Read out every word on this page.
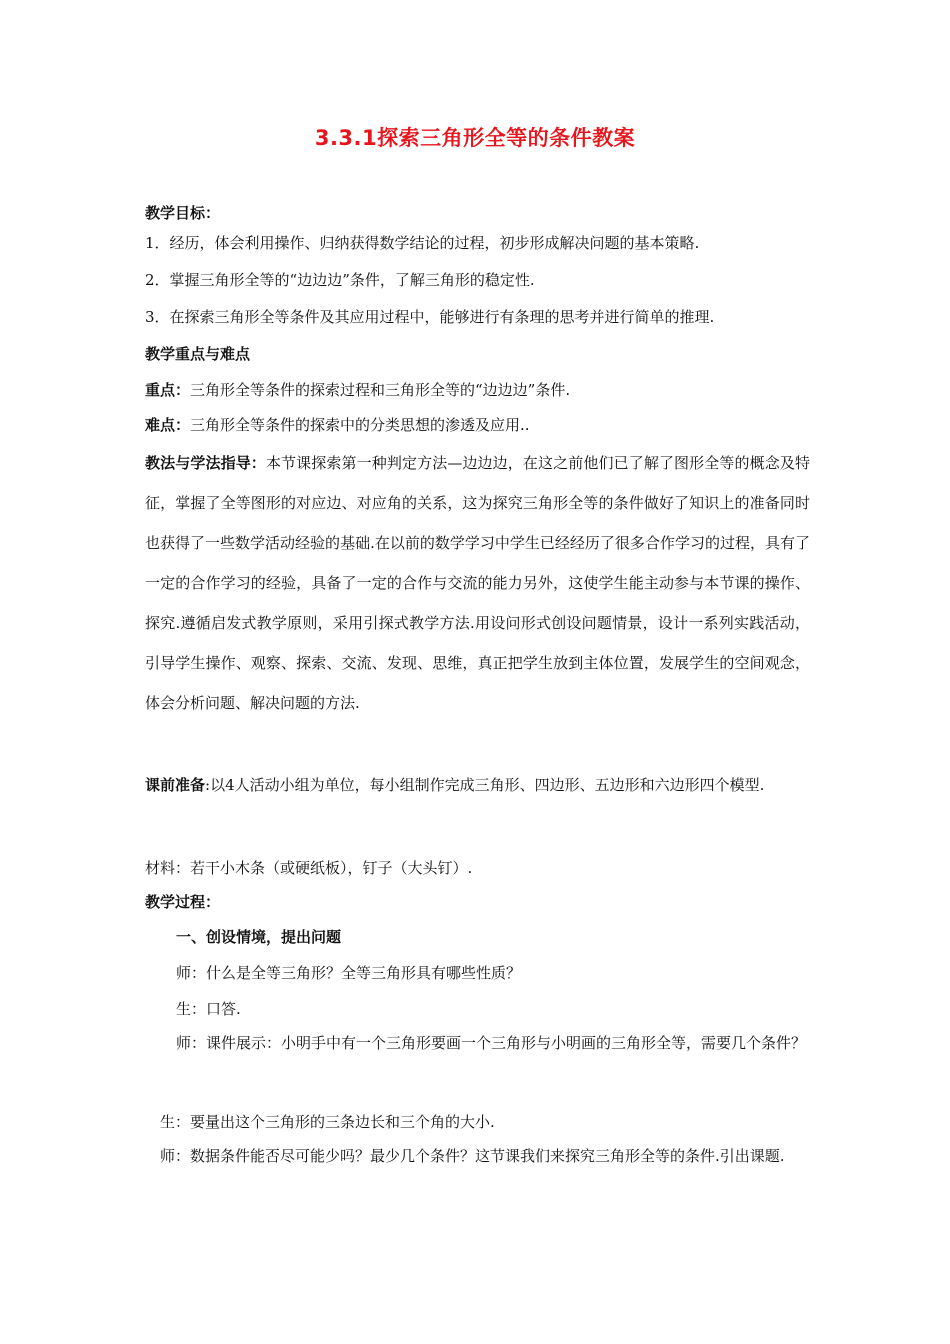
3.3.1探索三角形全等的条件教案
教学目标：
1．经历，体会利用操作、归纳获得数学结论的过程，初步形成解决问题的基本策略.
2．掌握三角形全等的“边边边”条件，了解三角形的稳定性.
3．在探索三角形全等条件及其应用过程中，能够进行有条理的思考并进行简单的推理.
教学重点与难点
重点：三角形全等条件的探索过程和三角形全等的“边边边”条件.
难点：三角形全等条件的探索中的分类思想的渗透及应用..
教法与学法指导：本节课探索第一种判定方法—边边边，在这之前他们已了解了图形全等的概念及特征，掌握了全等图形的对应边、对应角的关系，这为探究三角形全等的条件做好了知识上的准备同时也获得了一些数学活动经验的基础.在以前的数学学习中学生已经经历了很多合作学习的过程，具有了一定的合作学习的经验，具备了一定的合作与交流的能力另外，这使学生能主动参与本节课的操作、探究.遵循启发式教学原则，采用引探式教学方法.用设问形式创设问题情景，设计一系列实践活动，引导学生操作、观察、探索、交流、发现、思维，真正把学生放到主体位置，发展学生的空间观念，体会分析问题、解决问题的方法.
课前准备:以4人活动小组为单位，每小组制作完成三角形、四边形、五边形和六边形四个模型.
材料：若干小木条（或硬纸板），钉子（大头钉）.
教学过程：
一、创设情境，提出问题
师：什么是全等三角形？全等三角形具有哪些性质？
生：口答.
师：课件展示：小明手中有一个三角形要画一个三角形与小明画的三角形全等，需要几个条件？
生：要量出这个三角形的三条边长和三个角的大小.
师：数据条件能否尽可能少吗？最少几个条件？这节课我们来探究三角形全等的条件.引出课题.
